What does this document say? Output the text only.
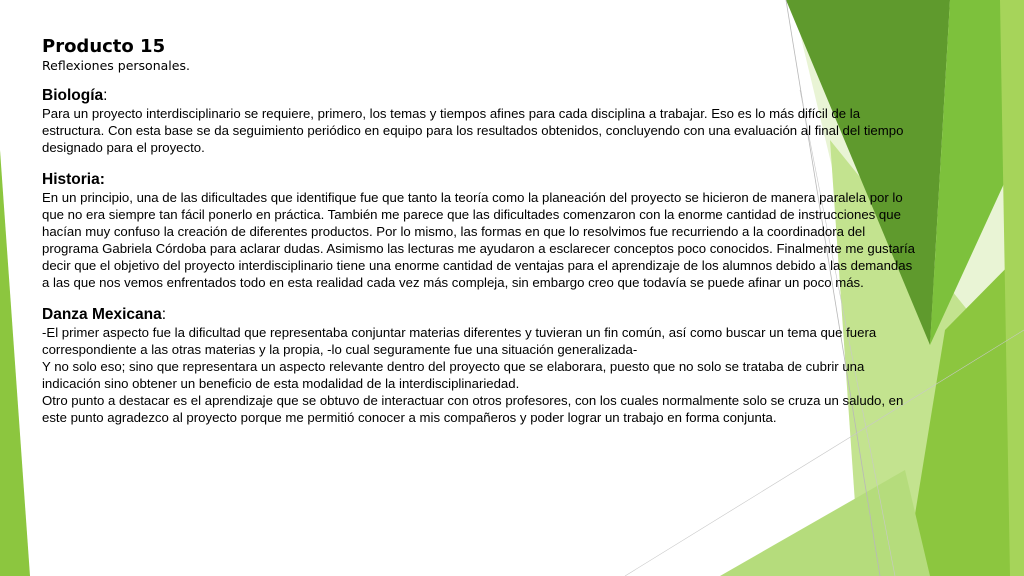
Producto 15
Reflexiones personales.
Biología:

Para un proyecto interdisciplinario se requiere, primero, los temas y tiempos afines para cada disciplina a trabajar. Eso es lo más difícil de la estructura. Con esta base se da seguimiento periódico en equipo para los resultados obtenidos, concluyendo con una evaluación al final del tiempo designado para el proyecto.

Historia:

En un principio, una de las dificultades que identifique fue que tanto la teoría como la planeación del proyecto se hicieron de manera paralela por lo que no era siempre tan fácil ponerlo en práctica. También me parece que las dificultades comenzaron con la enorme cantidad de instrucciones que hacían muy confuso la creación de diferentes productos. Por lo mismo, las formas en que lo resolvimos fue recurriendo a la coordinadora del programa Gabriela Córdoba para aclarar dudas. Asimismo las lecturas me ayudaron a esclarecer conceptos poco conocidos. Finalmente me gustaría decir que el objetivo del proyecto interdisciplinario tiene una enorme cantidad de ventajas para el aprendizaje de los alumnos debido a las demandas a las que nos vemos enfrentados todo en esta realidad cada vez más compleja, sin embargo creo que todavía se puede afinar un poco más.

Danza Mexicana:

-El primer aspecto fue la dificultad que representaba conjuntar materias diferentes y tuvieran un fin común, así como buscar un tema que fuera correspondiente a las otras materias y la propia, -lo cual seguramente fue una situación generalizada-

Y no solo eso; sino que representara un aspecto relevante dentro del proyecto que se elaborara, puesto que no solo se trataba de cubrir una indicación sino obtener un beneficio de esta modalidad de la interdisciplinariedad.

Otro punto a destacar es el aprendizaje que se obtuvo de interactuar con otros profesores, con los cuales normalmente solo se cruza un saludo, en este punto agradezco al proyecto porque me permitió conocer a mis compañeros y poder lograr un trabajo en forma conjunta.
